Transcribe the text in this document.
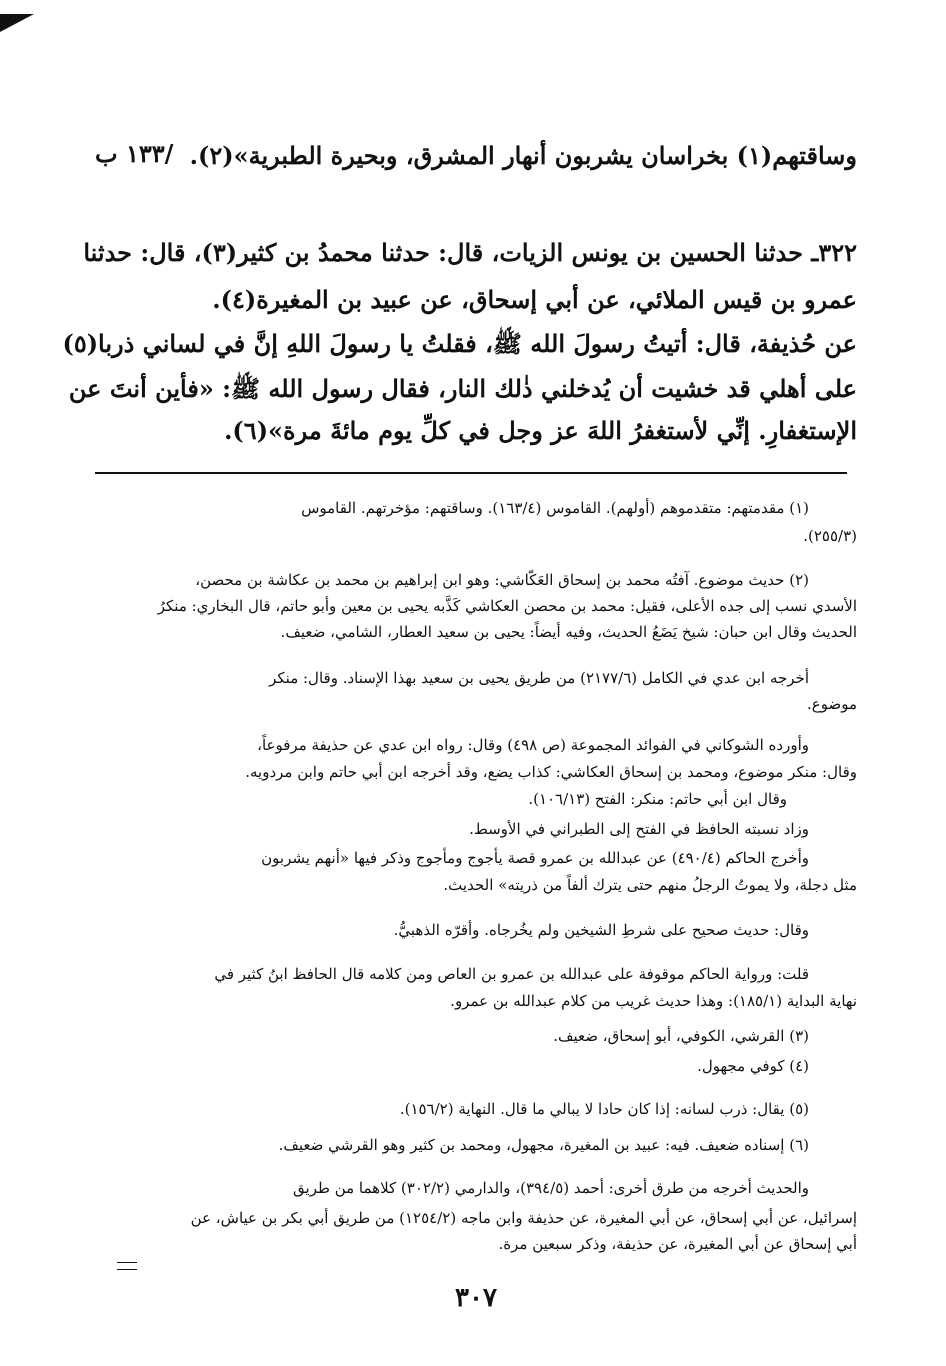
وساقتهم(١) بخراسان يشربون أنهار المشرق، وبحيرة الطبرية»(٢).
/١٣٣ ب
٣٢٢ـ حدثنا الحسين بن يونس الزيات، قال: حدثنا محمدُ بن كثير(٣)، قال: حدثنا
عمرو بن قيس الملائي، عن أبي إسحاق، عن عبيد بن المغيرة(٤).
عن حُذيفة، قال: أتيتُ رسولَ الله ﷺ، فقلتُ يا رسولَ اللهِ إنَّ في لساني ذربا(٥)
على أهلي قد خشيت أن يُدخلني ذٰلك النار، فقال رسول الله ﷺ: «فأين أنتَ عن
الإستغفارِ. إنِّي لأستغفرُ اللهَ عز وجل في كلِّ يوم مائةَ مرة»(٦).
(١) مقدمتهم: متقدموهم (أولهم). القاموس (١٦٣/٤). وساقتهم: مؤخرتهم. القاموس
(٢٥٥/٣).
(٢) حديث موضوع. آفتُه محمد بن إسحاق العَكّاشي: وهو ابن إبراهيم بن محمد بن عكاشة بن محصن،
الأسدي نسب إلى جده الأعلى، فقيل: محمد بن محصن العكاشي كَذَّبه يحيى بن معين وأبو حاتم، قال البخاري: منكرُ
الحديث وقال ابن حبان: شيخ يَضَعُ الحديث، وفيه أيضاً: يحيى بن سعيد العطار، الشامي، ضعيف.
أخرجه ابن عدي في الكامل (٢١٧٧/٦) من طريق يحيى بن سعيد بهذا الإسناد. وقال: منكر
موضوع.
وأورده الشوكاني في الفوائد المجموعة (ص ٤٩٨) وقال: رواه ابن عدي عن حذيفة مرفوعاً،
وقال: منكر موضوع، ومحمد بن إسحاق العكاشي: كذاب يضع، وقد أخرجه ابن أبي حاتم وابن مردويه.
وقال ابن أبي حاتم: منكر: الفتح (١٠٦/١٣).
وزاد نسبته الحافظ في الفتح إلى الطبراني في الأوسط.
وأخرج الحاكم (٤٩٠/٤) عن عبدالله بن عمرو قصة يأجوج ومأجوج وذكر فيها «أنهم يشربون
مثل دجلة، ولا يموتُ الرجلُ منهم حتى يترك ألفاً من ذريته» الحديث.
وقال: حديث صحيح على شرطِ الشيخين ولم يخُرجاه. وأقرّه الذهبيُّ.
قلت: ورواية الحاكم موقوفة على عبدالله بن عمرو بن العاص ومن كلامه قال الحافظ ابنُ كثير في
نهاية البداية (١٨٥/١): وهذا حديث غريب من كلام عبدالله بن عمرو.
(٣) القرشي، الكوفي، أبو إسحاق، ضعيف.
(٤) كوفي مجهول.
(٥) يقال: ذرب لسانه: إذا كان حادا لا يبالي ما قال. النهاية (١٥٦/٢).
(٦) إسناده ضعيف. فيه: عبيد بن المغيرة، مجهول، ومحمد بن كثير وهو القرشي ضعيف.
والحديث أخرجه من طرق أخرى: أحمد (٣٩٤/٥)، والدارمي (٣٠٢/٢) كلاهما من طريق
إسرائيل، عن أبي إسحاق، عن أبي المغيرة، عن حذيفة وابن ماجه (١٢٥٤/٢) من طريق أبي بكر بن عياش، عن
أبي إسحاق عن أبي المغيرة، عن حذيفة، وذكر سبعين مرة.
٣٠٧
